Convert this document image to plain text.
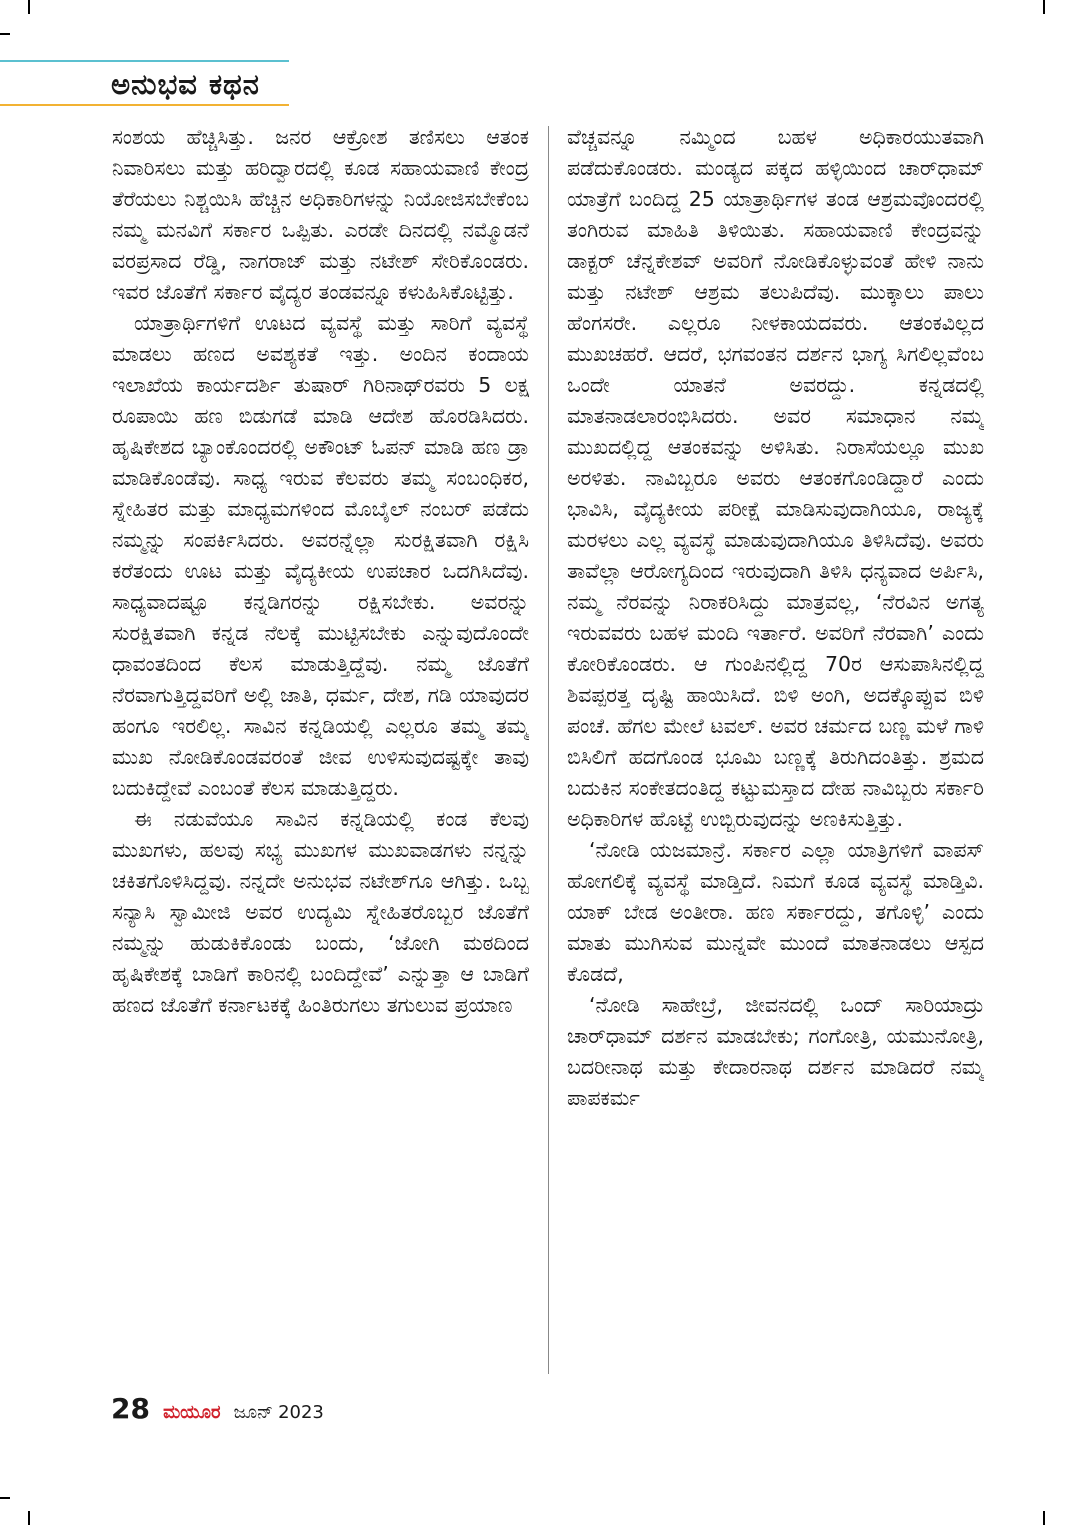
ಅನುಭವ ಕಥನ

ಸಂಶಯ ಹೆಚ್ಚಿಸಿತ್ತು. ಜನರ ಆಕ್ರೋಶ ತಣಿಸಲು ಆತಂಕ ನಿವಾರಿಸಲು ಮತ್ತು ಹರಿದ್ವಾರದಲ್ಲಿ ಕೂಡ ಸಹಾಯವಾಣಿ ಕೇಂದ್ರ ತೆರೆಯಲು ನಿಶ್ಚಯಿಸಿ ಹೆಚ್ಚಿನ ಅಧಿಕಾರಿಗಳನ್ನು ನಿಯೋಜಿಸಬೇಕೆಂಬ ನಮ್ಮ ಮನವಿಗೆ ಸರ್ಕಾರ ಒಪ್ಪಿತು. ಎರಡೇ ದಿನದಲ್ಲಿ ನಮ್ಮೊಡನೆ ವರಪ್ರಸಾದ ರೆಡ್ಡಿ, ನಾಗರಾಜ್ ಮತ್ತು ನಟೇಶ್ ಸೇರಿಕೊಂಡರು. ಇವರ ಜೊತೆಗೆ ಸರ್ಕಾರ ವೈದ್ಯರ ತಂಡವನ್ನೂ ಕಳುಹಿಸಿಕೊಟ್ಟಿತ್ತು.

ಯಾತ್ರಾರ್ಥಿಗಳಿಗೆ ಊಟದ ವ್ಯವಸ್ಥೆ ಮತ್ತು ಸಾರಿಗೆ ವ್ಯವಸ್ಥೆ ಮಾಡಲು ಹಣದ ಅವಶ್ಯಕತೆ ಇತ್ತು. ಅಂದಿನ ಕಂದಾಯ ಇಲಾಖೆಯ ಕಾರ್ಯದರ್ಶಿ ತುಷಾರ್ ಗಿರಿನಾಥ್‌ರವರು 5 ಲಕ್ಷ ರೂಪಾಯಿ ಹಣ ಬಿಡುಗಡೆ ಮಾಡಿ ಆದೇಶ ಹೊರಡಿಸಿದರು. ಹೃಷಿಕೇಶದ ಬ್ಯಾಂಕೊಂದರಲ್ಲಿ ಅಕೌಂಟ್ ಓಪನ್ ಮಾಡಿ ಹಣ ಡ್ರಾ ಮಾಡಿಕೊಂಡೆವು. ಸಾಧ್ಯ ಇರುವ ಕೆಲವರು ತಮ್ಮ ಸಂಬಂಧಿಕರ, ಸ್ನೇಹಿತರ ಮತ್ತು ಮಾಧ್ಯಮಗಳಿಂದ ಮೊಬೈಲ್ ನಂಬರ್ ಪಡೆದು ನಮ್ಮನ್ನು ಸಂಪರ್ಕಿಸಿದರು. ಅವರನ್ನೆಲ್ಲಾ ಸುರಕ್ಷಿತವಾಗಿ ರಕ್ಷಿಸಿ ಕರೆತಂದು ಊಟ ಮತ್ತು ವೈದ್ಯಕೀಯ ಉಪಚಾರ ಒದಗಿಸಿದೆವು. ಸಾಧ್ಯವಾದಷ್ಟೂ ಕನ್ನಡಿಗರನ್ನು ರಕ್ಷಿಸಬೇಕು. ಅವರನ್ನು ಸುರಕ್ಷಿತವಾಗಿ ಕನ್ನಡ ನೆಲಕ್ಕೆ ಮುಟ್ಟಿಸಬೇಕು ಎನ್ನುವುದೊಂದೇ ಧಾವಂತದಿಂದ ಕೆಲಸ ಮಾಡುತ್ತಿದ್ದೆವು. ನಮ್ಮ ಜೊತೆಗೆ ನೆರವಾಗುತ್ತಿದ್ದವರಿಗೆ ಅಲ್ಲಿ ಜಾತಿ, ಧರ್ಮ, ದೇಶ, ಗಡಿ ಯಾವುದರ ಹಂಗೂ ಇರಲಿಲ್ಲ. ಸಾವಿನ ಕನ್ನಡಿಯಲ್ಲಿ ಎಲ್ಲರೂ ತಮ್ಮ ತಮ್ಮ ಮುಖ ನೋಡಿಕೊಂಡವರಂತೆ ಜೀವ ಉಳಿಸುವುದಷ್ಟಕ್ಕೇ ತಾವು ಬದುಕಿದ್ದೇವೆ ಎಂಬಂತೆ ಕೆಲಸ ಮಾಡುತ್ತಿದ್ದರು.

ಈ ನಡುವೆಯೂ ಸಾವಿನ ಕನ್ನಡಿಯಲ್ಲಿ ಕಂಡ ಕೆಲವು ಮುಖಗಳು, ಹಲವು ಸಭ್ಯ ಮುಖಗಳ ಮುಖವಾಡಗಳು ನನ್ನನ್ನು ಚಕಿತಗೊಳಿಸಿದ್ದವು. ನನ್ನದೇ ಅನುಭವ ನಟೇಶ್‌ಗೂ ಆಗಿತ್ತು. ಒಬ್ಬ ಸನ್ಯಾಸಿ ಸ್ವಾಮೀಜಿ ಅವರ ಉದ್ಯಮಿ ಸ್ನೇಹಿತರೊಬ್ಬರ ಜೊತೆಗೆ ನಮ್ಮನ್ನು ಹುಡುಕಿಕೊಂಡು ಬಂದು, ‘ಜೋಗಿ ಮಠದಿಂದ ಹೃಷಿಕೇಶಕ್ಕೆ ಬಾಡಿಗೆ ಕಾರಿನಲ್ಲಿ ಬಂದಿದ್ದೇವೆ’ ಎನ್ನುತ್ತಾ ಆ ಬಾಡಿಗೆ ಹಣದ ಜೊತೆಗೆ ಕರ್ನಾಟಕಕ್ಕೆ ಹಿಂತಿರುಗಲು ತಗುಲುವ ಪ್ರಯಾಣ

ವೆಚ್ಚವನ್ನೂ ನಮ್ಮಿಂದ ಬಹಳ ಅಧಿಕಾರಯುತವಾಗಿ ಪಡೆದುಕೊಂಡರು. ಮಂಡ್ಯದ ಪಕ್ಕದ ಹಳ್ಳಿಯಿಂದ ಚಾರ್‌ಧಾಮ್ ಯಾತ್ರೆಗೆ ಬಂದಿದ್ದ 25 ಯಾತ್ರಾರ್ಥಿಗಳ ತಂಡ ಆಶ್ರಮವೊಂದರಲ್ಲಿ ತಂಗಿರುವ ಮಾಹಿತಿ ತಿಳಿಯಿತು. ಸಹಾಯವಾಣಿ ಕೇಂದ್ರವನ್ನು ಡಾಕ್ಟರ್ ಚೆನ್ನಕೇಶವ್ ಅವರಿಗೆ ನೋಡಿಕೊಳ್ಳುವಂತೆ ಹೇಳಿ ನಾನು ಮತ್ತು ನಟೇಶ್ ಆಶ್ರಮ ತಲುಪಿದೆವು. ಮುಕ್ಕಾಲು ಪಾಲು ಹೆಂಗಸರೇ. ಎಲ್ಲರೂ ನೀಳಕಾಯದವರು. ಆತಂಕವಿಲ್ಲದ ಮುಖಚಹರೆ. ಆದರೆ, ಭಗವಂತನ ದರ್ಶನ ಭಾಗ್ಯ ಸಿಗಲಿಲ್ಲವೆಂಬ ಒಂದೇ ಯಾತನೆ ಅವರದ್ದು. ಕನ್ನಡದಲ್ಲಿ ಮಾತನಾಡಲಾರಂಭಿಸಿದರು. ಅವರ ಸಮಾಧಾನ ನಮ್ಮ ಮುಖದಲ್ಲಿದ್ದ ಆತಂಕವನ್ನು ಅಳಿಸಿತು. ನಿರಾಸೆಯಲ್ಲೂ ಮುಖ ಅರಳಿತು. ನಾವಿಬ್ಬರೂ ಅವರು ಆತಂಕಗೊಂಡಿದ್ದಾರೆ ಎಂದು ಭಾವಿಸಿ, ವೈದ್ಯಕೀಯ ಪರೀಕ್ಷೆ ಮಾಡಿಸುವುದಾಗಿಯೂ, ರಾಜ್ಯಕ್ಕೆ ಮರಳಲು ಎಲ್ಲ ವ್ಯವಸ್ಥೆ ಮಾಡುವುದಾಗಿಯೂ ತಿಳಿಸಿದೆವು. ಅವರು ತಾವೆಲ್ಲಾ ಆರೋಗ್ಯದಿಂದ ಇರುವುದಾಗಿ ತಿಳಿಸಿ ಧನ್ಯವಾದ ಅರ್ಪಿಸಿ, ನಮ್ಮ ನೆರವನ್ನು ನಿರಾಕರಿಸಿದ್ದು ಮಾತ್ರವಲ್ಲ, ‘ನೆರವಿನ ಅಗತ್ಯ ಇರುವವರು ಬಹಳ ಮಂದಿ ಇರ್ತಾರೆ. ಅವರಿಗೆ ನೆರವಾಗಿ’ ಎಂದು ಕೋರಿಕೊಂಡರು. ಆ ಗುಂಪಿನಲ್ಲಿದ್ದ 70ರ ಆಸುಪಾಸಿನಲ್ಲಿದ್ದ ಶಿವಪ್ಪರತ್ತ ದೃಷ್ಟಿ ಹಾಯಿಸಿದೆ. ಬಿಳಿ ಅಂಗಿ, ಅದಕ್ಕೊಪ್ಪುವ ಬಿಳಿ ಪಂಚೆ. ಹೆಗಲ ಮೇಲೆ ಟವಲ್. ಅವರ ಚರ್ಮದ ಬಣ್ಣ ಮಳೆ ಗಾಳಿ ಬಿಸಿಲಿಗೆ ಹದಗೊಂಡ ಭೂಮಿ ಬಣ್ಣಕ್ಕೆ ತಿರುಗಿದಂತಿತ್ತು. ಶ್ರಮದ ಬದುಕಿನ ಸಂಕೇತದಂತಿದ್ದ ಕಟ್ಟುಮಸ್ತಾದ ದೇಹ ನಾವಿಬ್ಬರು ಸರ್ಕಾರಿ ಅಧಿಕಾರಿಗಳ ಹೊಟ್ಟೆ ಉಬ್ಬಿರುವುದನ್ನು ಅಣಕಿಸುತ್ತಿತ್ತು.

‘ನೋಡಿ ಯಜಮಾನ್ರೆ. ಸರ್ಕಾರ ಎಲ್ಲಾ ಯಾತ್ರಿಗಳಿಗೆ ವಾಪಸ್ ಹೋಗಲಿಕ್ಕೆ ವ್ಯವಸ್ಥೆ ಮಾಡ್ತಿದೆ. ನಿಮಗೆ ಕೂಡ ವ್ಯವಸ್ಥೆ ಮಾಡ್ತಿವಿ. ಯಾಕ್ ಬೇಡ ಅಂತೀರಾ. ಹಣ ಸರ್ಕಾರದ್ದು, ತಗೊಳ್ಳಿ’ ಎಂದು ಮಾತು ಮುಗಿಸುವ ಮುನ್ನವೇ ಮುಂದೆ ಮಾತನಾಡಲು ಆಸ್ಪದ ಕೊಡದೆ,

‘ನೋಡಿ ಸಾಹೇಬ್ರೆ, ಜೀವನದಲ್ಲಿ ಒಂದ್ ಸಾರಿಯಾದ್ರು ಚಾರ್‌ಧಾಮ್ ದರ್ಶನ ಮಾಡಬೇಕು; ಗಂಗೋತ್ರಿ, ಯಮುನೋತ್ರಿ, ಬದರೀನಾಥ ಮತ್ತು ಕೇದಾರನಾಥ ದರ್ಶನ ಮಾಡಿದರೆ ನಮ್ಮ ಪಾಪಕರ್ಮ

28 ಮಯೂರ ಜೂನ್ 2023
